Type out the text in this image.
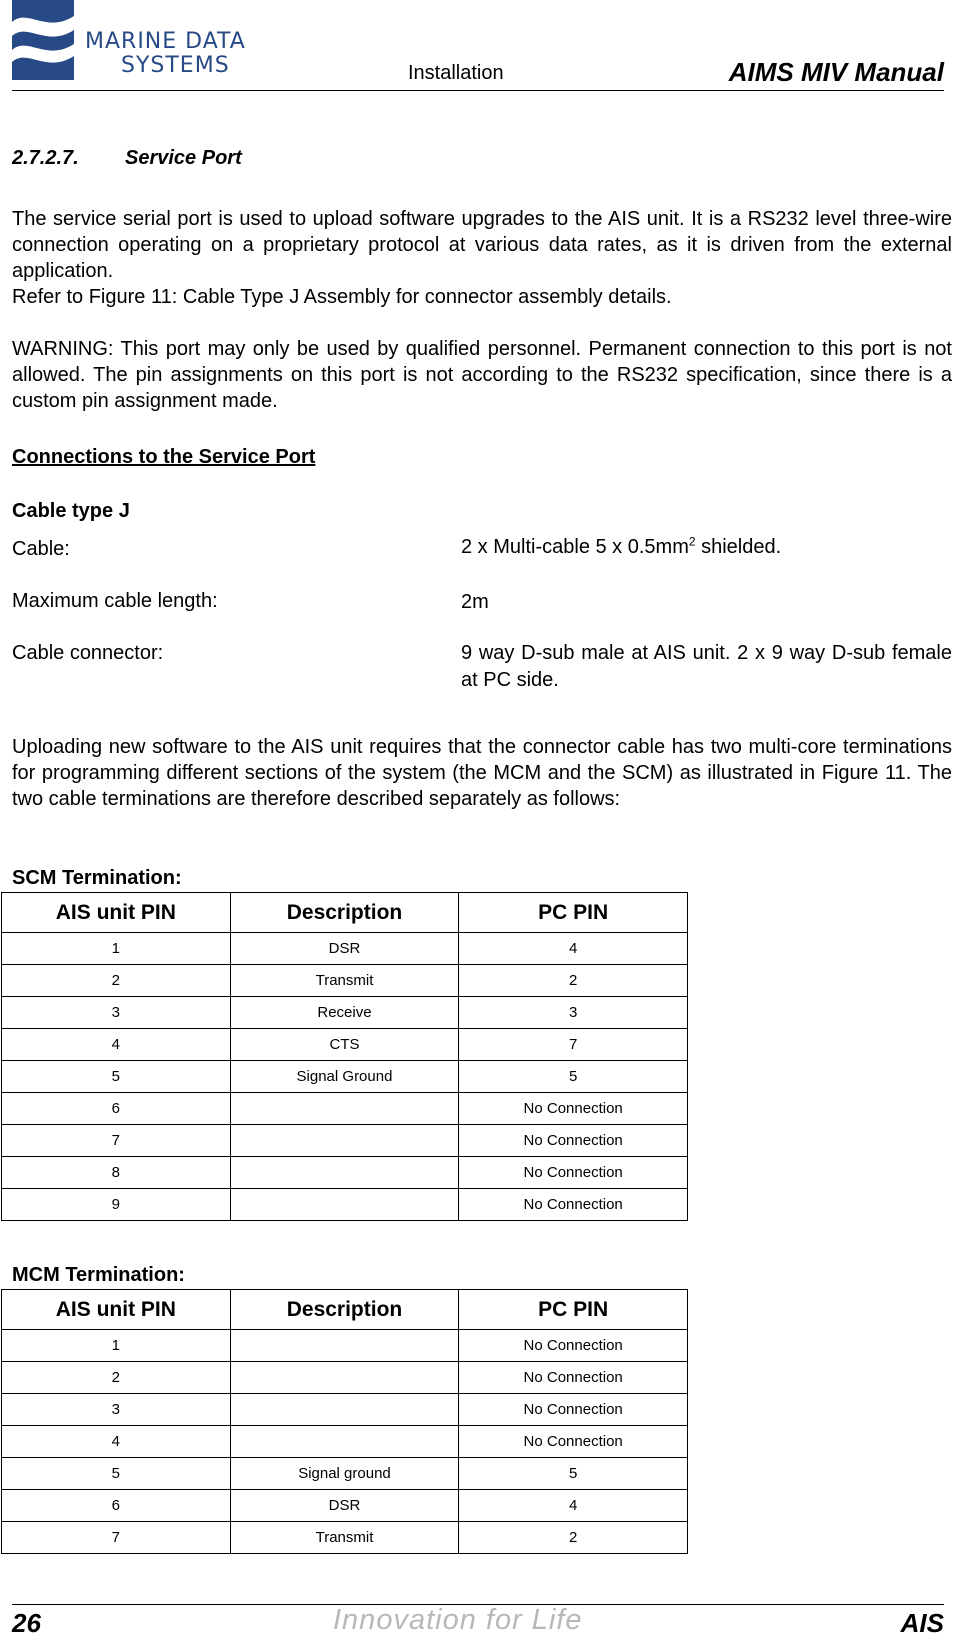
MARINE DATA
SYSTEMS	Installation	AIMS MIV Manual
2.7.2.7. Service Port

The service serial port is used to upload software upgrades to the AIS unit. It is a RS232 level three-wire connection operating on a proprietary protocol at various data rates, as it is driven from the external application.

Refer to Figure 11: Cable Type J Assembly for connector assembly details.

WARNING: This port may only be used by qualified personnel. Permanent connection to this port is not allowed. The pin assignments on this port is not according to the RS232 specification, since there is a custom pin assignment made.
Connections to the Service Port
Cable type J
Cable:	2 x Multi-cable 5 x $0.5mm^2$ shielded.
Maximum cable length:	2m
Cable connector:	9 way D-sub male at AIS unit. 2 x 9 way D-sub female at PC side.
Uploading new software to the AIS unit requires that the connector cable has two multi-core terminations for programming different sections of the system (the MCM and the SCM) as illustrated in Figure 11. The two cable terminations are therefore described separately as follows:
SCM Termination:
AIS unit PIN	Description	PC PIN
1	DSR	4
2	Transmit	2
3	Receive	3
4	CTS	7
5	Signal Ground	5
6		No Connection
7		No Connection
8		No Connection
9		No Connection
MCM Termination:
AIS unit PIN	Description	PC PIN
1		No Connection
2		No Connection
3		No Connection
4		No Connection
5	Signal ground	5
6	DSR	4
7	Transmit	2
26	Innovation for Life	AIS
